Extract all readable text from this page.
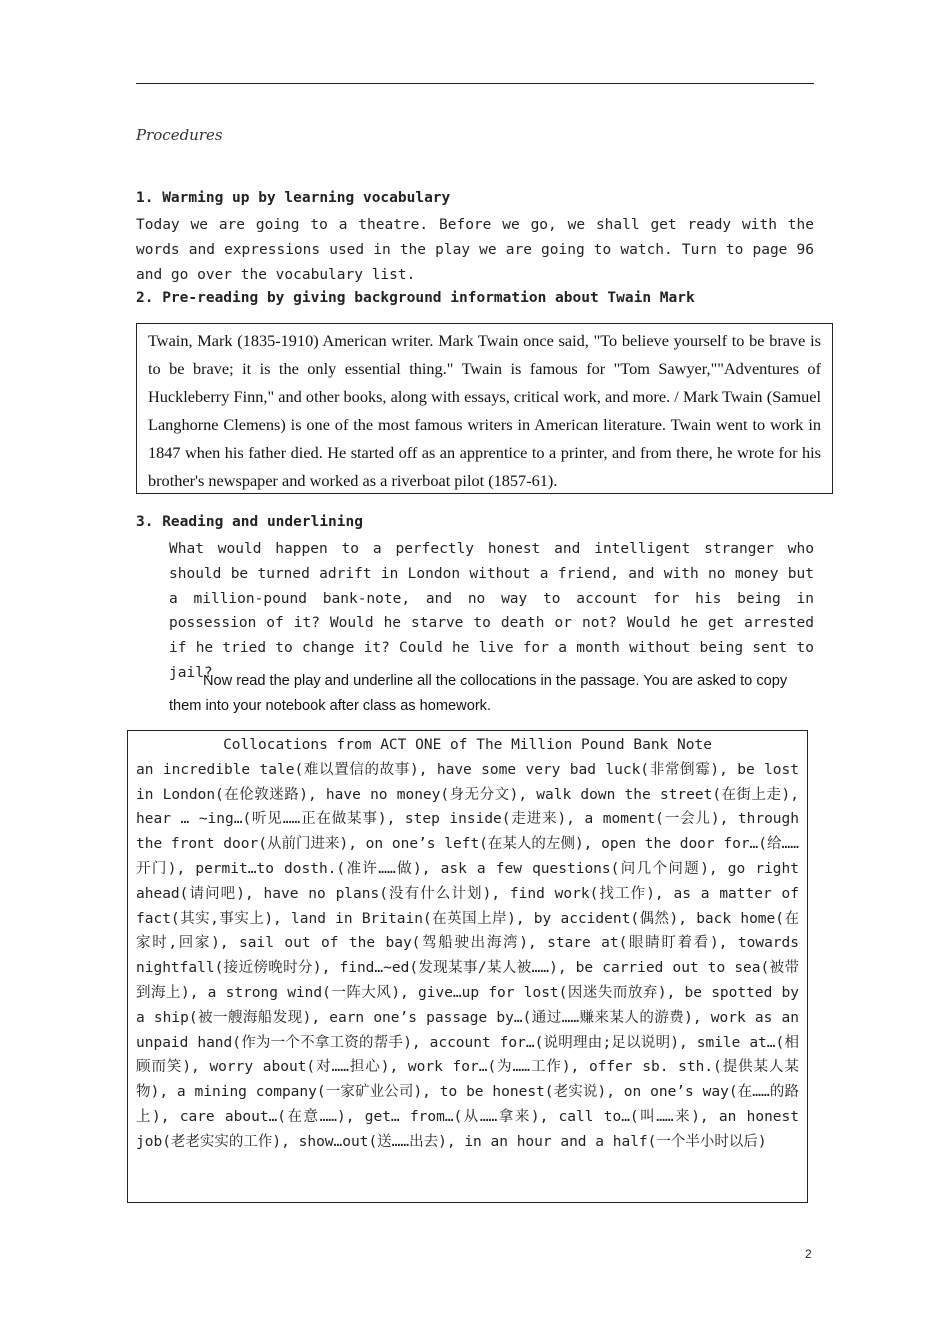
Procedures
1. Warming up by learning vocabulary
Today we are going to a theatre. Before we go, we shall get ready with the words and expressions used in the play we are going to watch. Turn to page 96 and go over the vocabulary list.
2. Pre-reading by giving background information about Twain Mark
Twain, Mark (1835-1910) American writer. Mark Twain once said, "To believe yourself to be brave is to be brave; it is the only essential thing." Twain is famous for "Tom Sawyer,""Adventures of Huckleberry Finn," and other books, along with essays, critical work, and more. / Mark Twain (Samuel Langhorne Clemens) is one of the most famous writers in American literature. Twain went to work in 1847 when his father died. He started off as an apprentice to a printer, and from there, he wrote for his brother's newspaper and worked as a riverboat pilot (1857-61).
3. Reading and underlining
What would happen to a perfectly honest and intelligent stranger who should be turned adrift in London without a friend, and with no money but a million-pound bank-note, and no way to account for his being in possession of it? Would he starve to death or not? Would he get arrested if he tried to change it? Could he live for a month without being sent to jail?
Now read the play and underline all the collocations in the passage. You are asked to copy them into your notebook after class as homework.
Collocations from ACT ONE of The Million Pound Bank Note
an incredible tale(难以置信的故事), have some very bad luck(非常倒霉), be lost in London(在伦敦迷路), have no money(身无分文), walk down the street(在街上走), hear … ~ing…(听见……正在做某事), step inside(走进来), a moment(一会儿), through the front door(从前门进来), on one’s left(在某人的左侧), open the door for…(给……开门), permit…to dosth.(准许……做), ask a few questions(问几个问题), go right ahead(请问吧), have no plans(没有什么计划), find work(找工作), as a matter of fact(其实,事实上), land in Britain(在英国上岸), by accident(偶然), back home(在家时,回家), sail out of the bay(驾船驶出海湾), stare at(眼睛盯着看), towards nightfall(接近傍晚时分), find…~ed(发现某事/某人被……), be carried out to sea(被带到海上), a strong wind(一阵大风), give…up for lost(因迷失而放弃), be spotted by a ship(被一艘海船发现), earn one’s passage by…(通过……赚来某人的游费), work as an unpaid hand(作为一个不拿工资的帮手), account for…(说明理由;足以说明), smile at…(相顾而笑), worry about(对……担心), work for…(为……工作), offer sb. sth.(提供某人某物), a mining company(一家矿业公司), to be honest(老实说), on one’s way(在……的路上), care about…(在意……), get… from…(从……拿来), call to…(叫……来), an honest job(老老实实的工作), show…out(送……出去), in an hour and a half(一个半小时以后)
2
